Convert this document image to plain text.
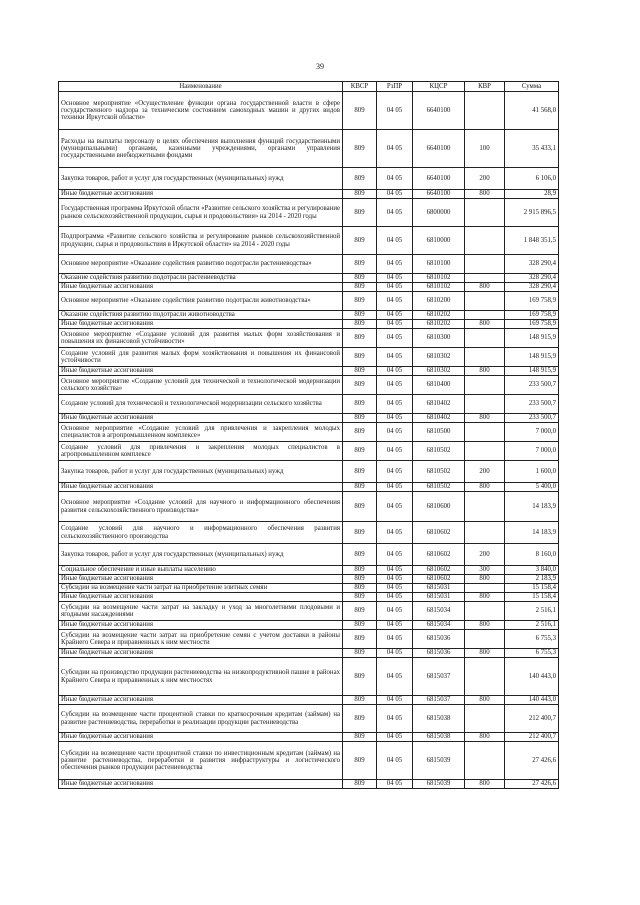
39
Наименование	КВСР	РзПР	КЦСР	КВР	Сумма
Основное мероприятие «Осуществление функции органа государственной власти в сфере государственного надзора за техническим состоянием самоходных машин и других видов техники Иркутской области»	809	04 05	6640100		41 568,0
Расходы на выплаты персоналу в целях обеспечения выполнения функций государственными (муниципальными) органами, казенными учреждениями, органами управления государственными внебюджетными фондами	809	04 05	6640100	100	35 433,1
Закупка товаров, работ и услуг для государственных (муниципальных) нужд	809	04 05	6640100	200	6 106,0
Иные бюджетные ассигнования	809	04 05	6640100	800	28,9
Государственная программа Иркутской области «Развитие сельского хозяйства и регулирование рынков сельскохозяйственной продукции, сырья и продовольствия» на 2014 - 2020 годы	809	04 05	6800000		2 915 896,5
Подпрограмма «Развитие сельского хозяйства и регулирование рынков сельскохозяйственной продукции, сырья и продовольствия в Иркутской области» на 2014 - 2020 годы	809	04 05	6810000		1 848 351,5
Основное мероприятие «Оказание содействия развитию подотрасли растениеводства»	809	04 05	6810100		328 290,4
Оказание содействия развитию подотрасли растениеводства	809	04 05	6810102		328 290,4
Иные бюджетные ассигнования	809	04 05	6810102	800	328 290,4
Основное мероприятие «Оказание содействия развитию подотрасли животноводства»	809	04 05	6810200		169 758,9
Оказание содействия развитию подотрасли животноводства	809	04 05	6810202		169 758,9
Иные бюджетные ассигнования	809	04 05	6810202	800	169 758,9
Основное мероприятие «Создание условий для развития малых форм хозяйствования и повышения их финансовой устойчивости»	809	04 05	6810300		148 915,9
Создание условий для развития малых форм хозяйствования и повышения их финансовой устойчивости	809	04 05	6810302		148 915,9
Иные бюджетные ассигнования	809	04 05	6810302	800	148 915,9
Основное мероприятие «Создание условий для технической и технологической модернизации сельского хозяйства»	809	04 05	6810400		233 500,7
Создание условий для технической и технологической модернизации сельского хозяйства	809	04 05	6810402		233 500,7
Иные бюджетные ассигнования	809	04 05	6810402	800	233 500,7
Основное мероприятие «Создание условий для привлечения и закрепления молодых специалистов в агропромышленном комплексе»	809	04 05	6810500		7 000,0
Создание условий для привлечения и закрепления молодых специалистов в агропромышленном комплексе	809	04 05	6810502		7 000,0
Закупка товаров, работ и услуг для государственных (муниципальных) нужд	809	04 05	6810502	200	1 600,0
Иные бюджетные ассигнования	809	04 05	6810502	800	5 400,0
Основное мероприятие «Создание условий для научного и информационного обеспечения развития сельскохозяйственного производства»	809	04 05	6810600		14 183,9
Создание условий для научного и информационного обеспечения развития сельскохозяйственного производства	809	04 05	6810602		14 183,9
Закупка товаров, работ и услуг для государственных (муниципальных) нужд	809	04 05	6810602	200	8 160,0
Социальное обеспечение и иные выплаты населению	809	04 05	6810602	300	3 840,0
Иные бюджетные ассигнования	809	04 05	6810602	800	2 183,9
Субсидии на возмещение части затрат на приобретение элитных семян	809	04 05	6815031		15 158,4
Иные бюджетные ассигнования	809	04 05	6815031	800	15 158,4
Субсидии на возмещение части затрат на закладку и уход за многолетними плодовыми и ягодными насаждениями	809	04 05	6815034		2 516,1
Иные бюджетные ассигнования	809	04 05	6815034	800	2 516,1
Субсидии на возмещение части затрат на приобретение семян с учетом доставки в районы Крайнего Севера и приравненных к ним местности	809	04 05	6815036		6 755,3
Иные бюджетные ассигнования	809	04 05	6815036	800	6 755,3
Субсидии на производство продукции растениеводства на низкопродуктивной пашне в районах Крайнего Севера и приравненных к ним местностях	809	04 05	6815037		140 443,0
Иные бюджетные ассигнования	809	04 05	6815037	800	140 443,0
Субсидии на возмещение части процентной ставки по краткосрочным кредитам (займам) на развитие растениеводства, переработки и реализации продукции растениеводства	809	04 05	6815038		212 400,7
Иные бюджетные ассигнования	809	04 05	6815038	800	212 400,7
Субсидии на возмещение части процентной ставки по инвестиционным кредитам (займам) на развитие растениеводства, переработки и развития инфраструктуры и логистического обеспечения рынков продукции растениеводства	809	04 05	6815039		27 426,6
Иные бюджетные ассигнования	809	04 05	6815039	800	27 426,6
